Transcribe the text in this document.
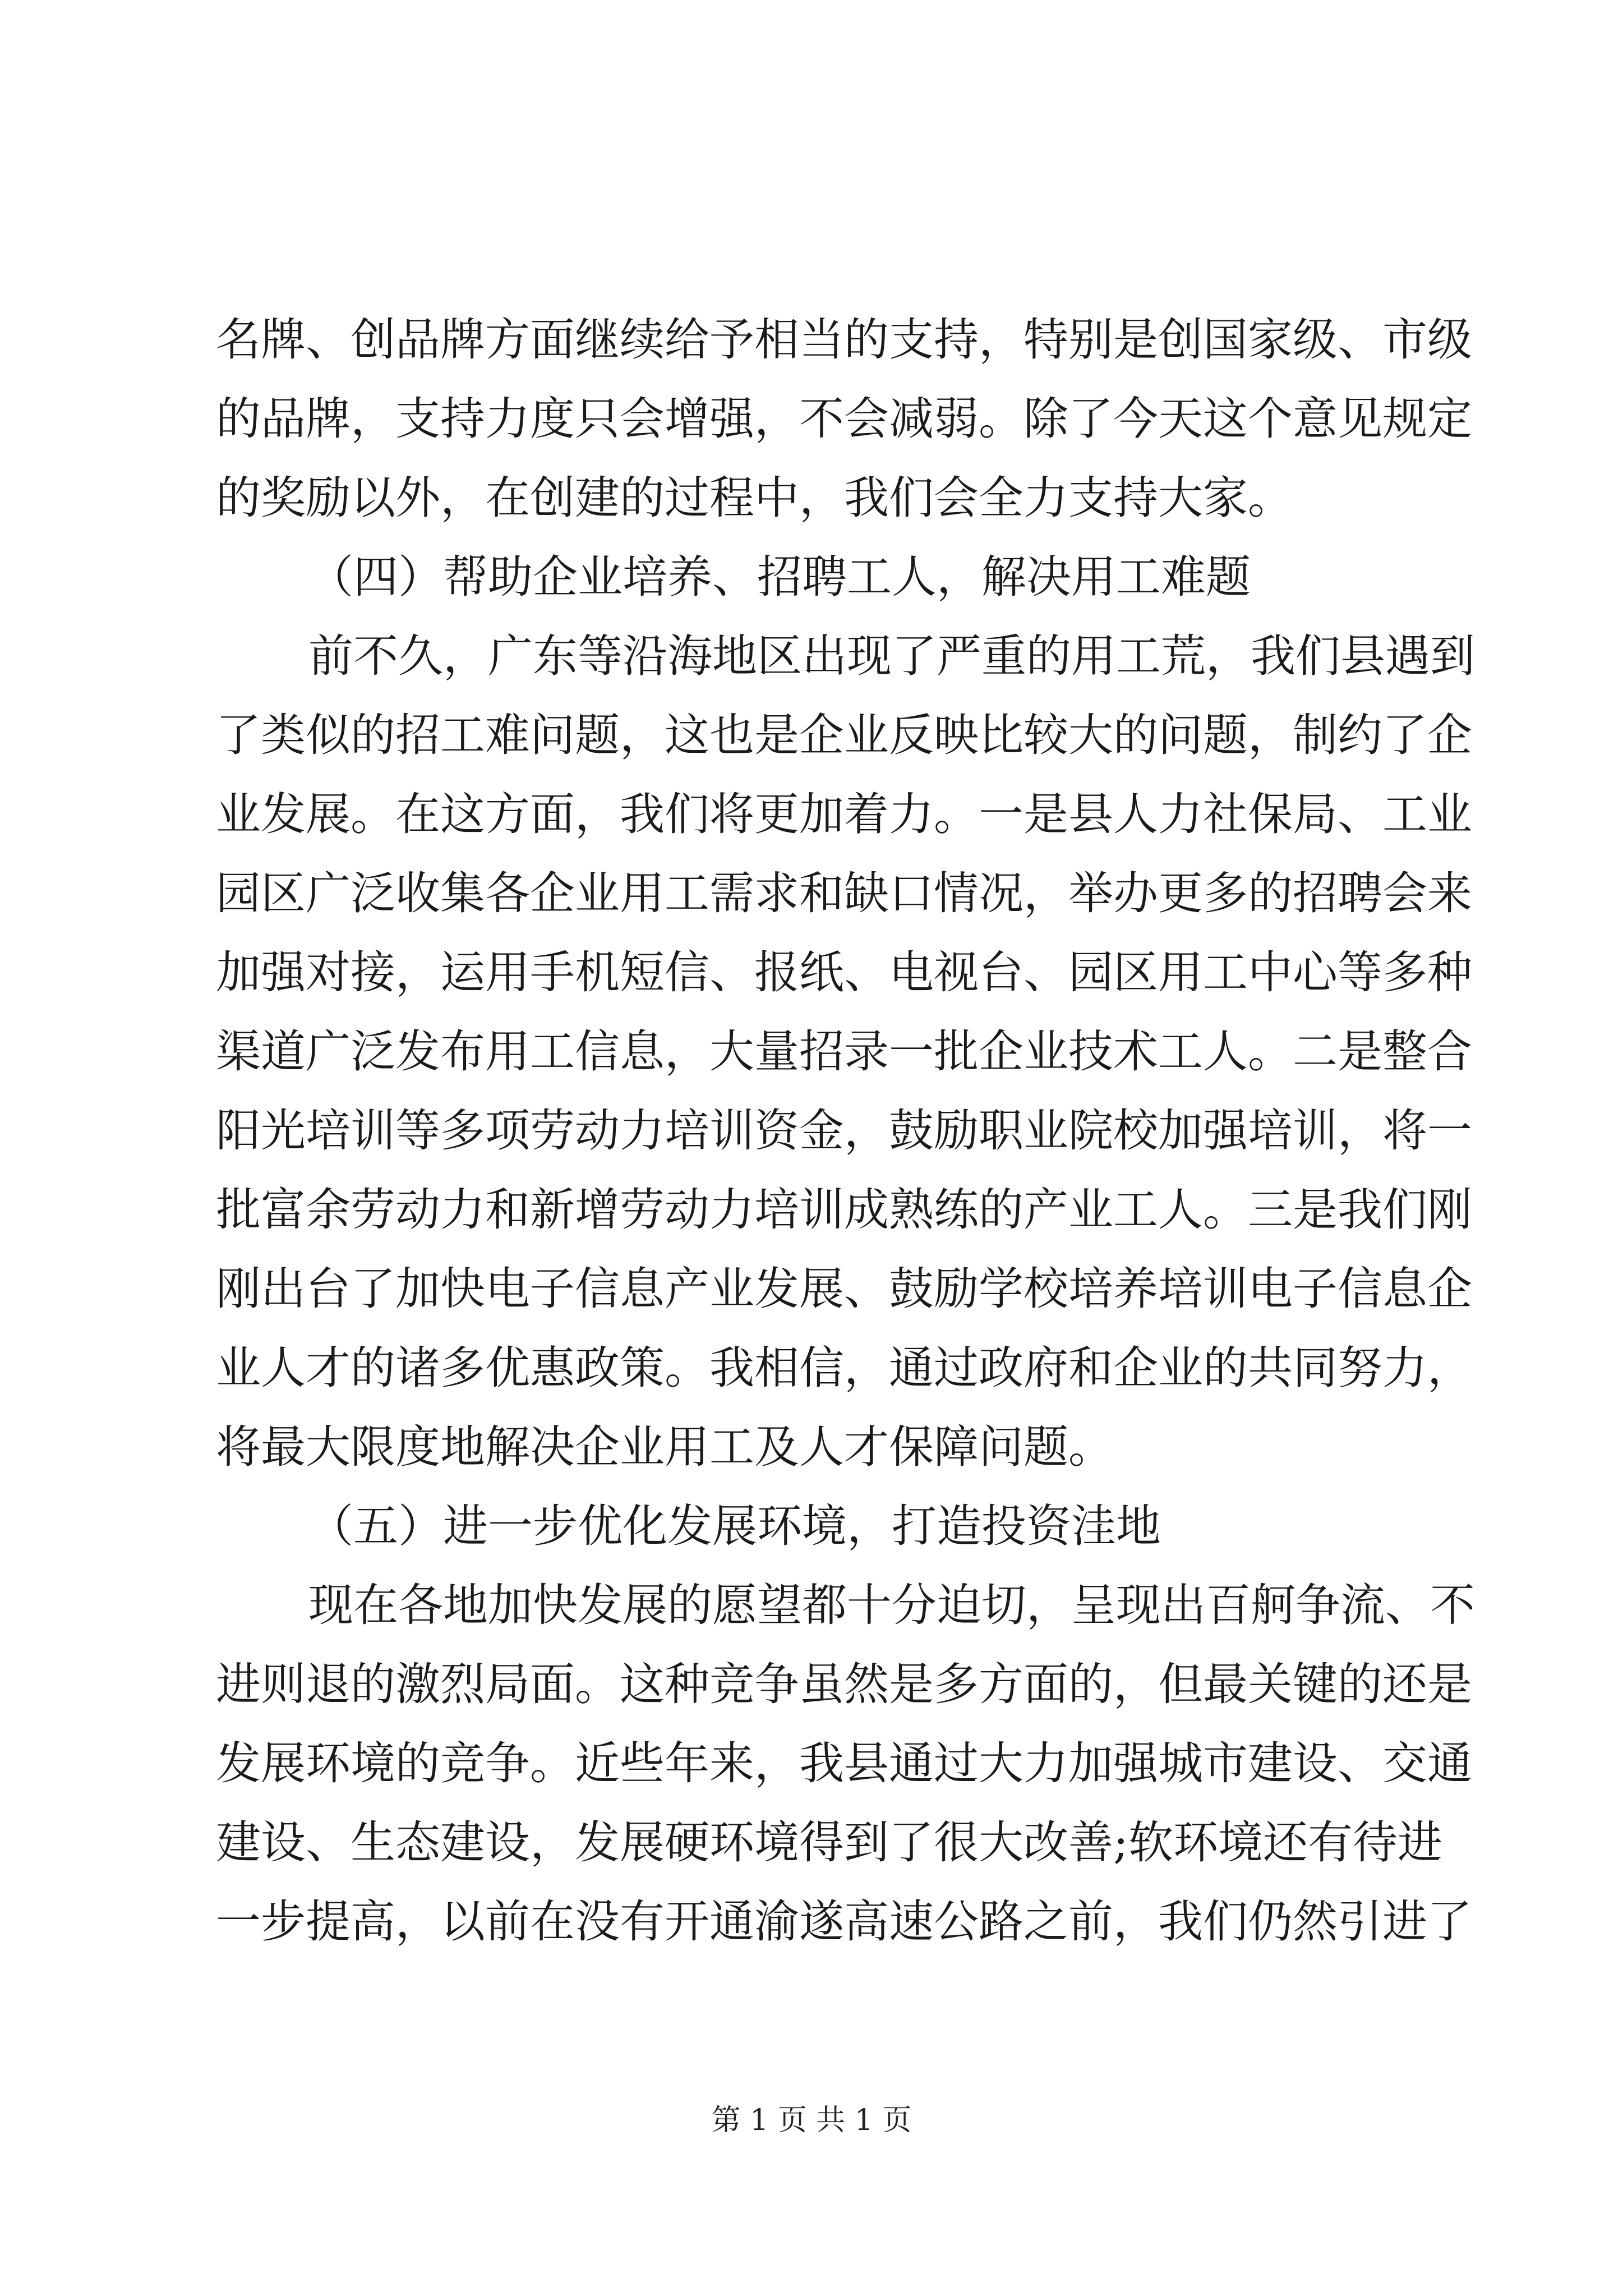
名牌、创品牌方面继续给予相当的支持，特别是创国家级、市级
的品牌，支持力度只会增强，不会减弱。除了今天这个意见规定
的奖励以外，在创建的过程中，我们会全力支持大家。
（四）帮助企业培养、招聘工人，解决用工难题
前不久，广东等沿海地区出现了严重的用工荒，我们县遇到
了类似的招工难问题，这也是企业反映比较大的问题，制约了企
业发展。在这方面，我们将更加着力。一是县人力社保局、工业
园区广泛收集各企业用工需求和缺口情况，举办更多的招聘会来
加强对接，运用手机短信、报纸、电视台、园区用工中心等多种
渠道广泛发布用工信息，大量招录一批企业技术工人。二是整合
阳光培训等多项劳动力培训资金，鼓励职业院校加强培训，将一
批富余劳动力和新增劳动力培训成熟练的产业工人。三是我们刚
刚出台了加快电子信息产业发展、鼓励学校培养培训电子信息企
业人才的诸多优惠政策。我相信，通过政府和企业的共同努力，
将最大限度地解决企业用工及人才保障问题。
（五）进一步优化发展环境，打造投资洼地
现在各地加快发展的愿望都十分迫切，呈现出百舸争流、不
进则退的激烈局面。这种竞争虽然是多方面的，但最关键的还是
发展环境的竞争。近些年来，我县通过大力加强城市建设、交通
建设、生态建设，发展硬环境得到了很大改善;软环境还有待进
一步提高，以前在没有开通渝遂高速公路之前，我们仍然引进了
第 1 页 共 1 页
